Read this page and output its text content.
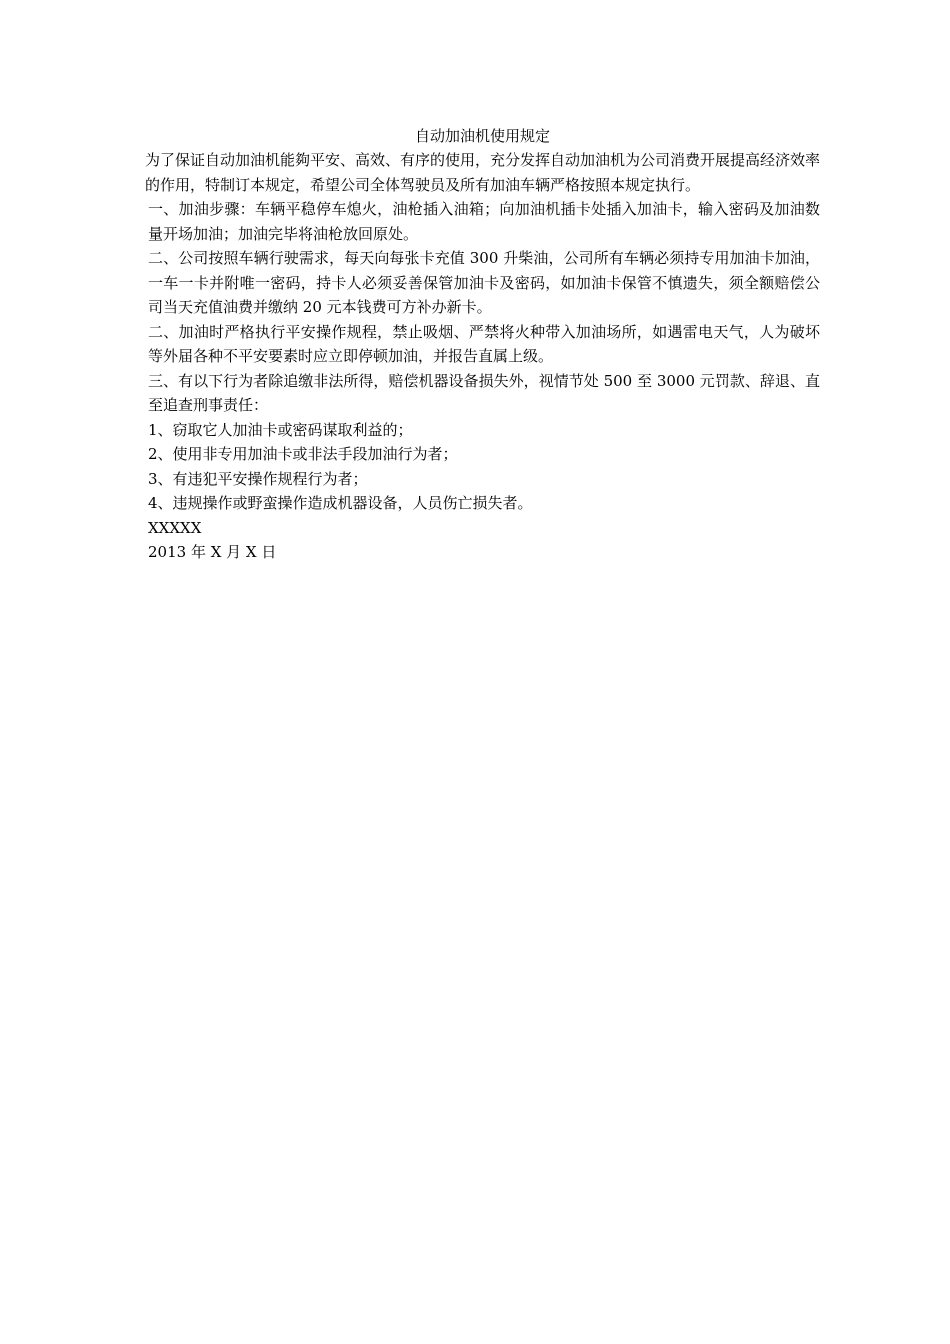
自动加油机使用规定

为了保证自动加油机能夠平安、高效、有序的使用，充分发挥自动加油机为公司消费开展提高经济效率的作用，特制订本规定，希望公司全体驾驶员及所有加油车辆严格按照本规定执行。

一、加油步骤：车辆平稳停车熄火，油枪插入油箱；向加油机插卡处插入加油卡，输入密码及加油数量开场加油；加油完毕将油枪放回原处。

二、公司按照车辆行驶需求，每天向每张卡充值 300 升柴油，公司所有车辆必须持专用加油卡加油，一车一卡并附唯一密码，持卡人必须妥善保管加油卡及密码，如加油卡保管不慎遗失，须全额赔偿公司当天充值油费并缴纳 20 元本钱费可方补办新卡。

二、加油时严格执行平安操作规程，禁止吸烟、严禁将火种带入加油场所，如遇雷电天气，人为破坏等外届各种不平安要素时应立即停顿加油，并报告直属上级。

三、有以下行为者除追缴非法所得，赔偿机器设备损失外，视情节处 500 至 3000 元罚款、辞退、直至追查刑事责任：

1、窃取它人加油卡或密码谋取利益的；

2、使用非专用加油卡或非法手段加油行为者；

3、有违犯平安操作规程行为者；

4、违规操作或野蛮操作造成机器设备，人员伤亡损失者。

XXXXX

2013 年 X 月 X 日
